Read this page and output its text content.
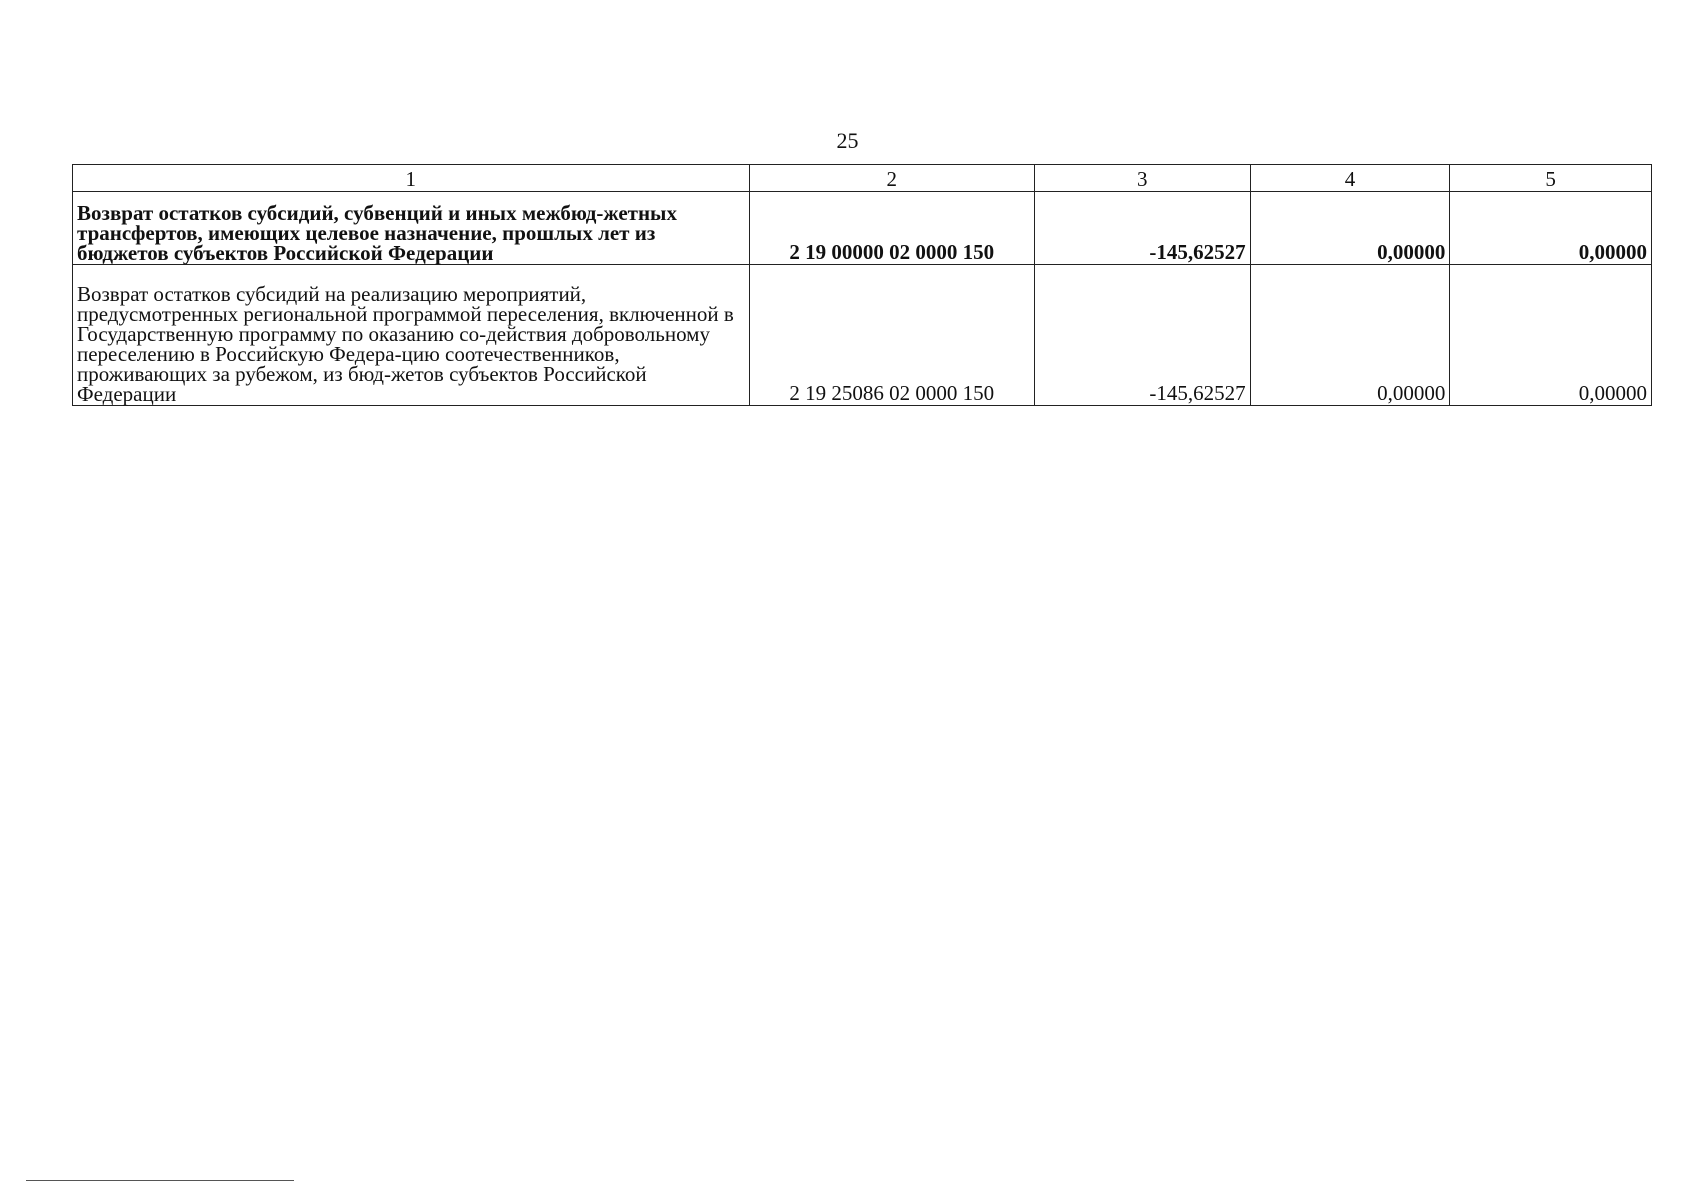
25
1	2	3	4	5
Возврат остатков субсидий, субвенций и иных межбюд-жетных трансфертов, имеющих целевое назначение, прошлых лет из бюджетов субъектов Российской Федерации	2 19 00000 02 0000 150	-145,62527	0,00000	0,00000
Возврат остатков субсидий на реализацию мероприятий, предусмотренных региональной программой переселения, включенной в Государственную программу по оказанию со-действия добровольному переселению в Российскую Федера-цию соотечественников, проживающих за рубежом, из бюд-жетов субъектов Российской Федерации	2 19 25086 02 0000 150	-145,62527	0,00000	0,00000
